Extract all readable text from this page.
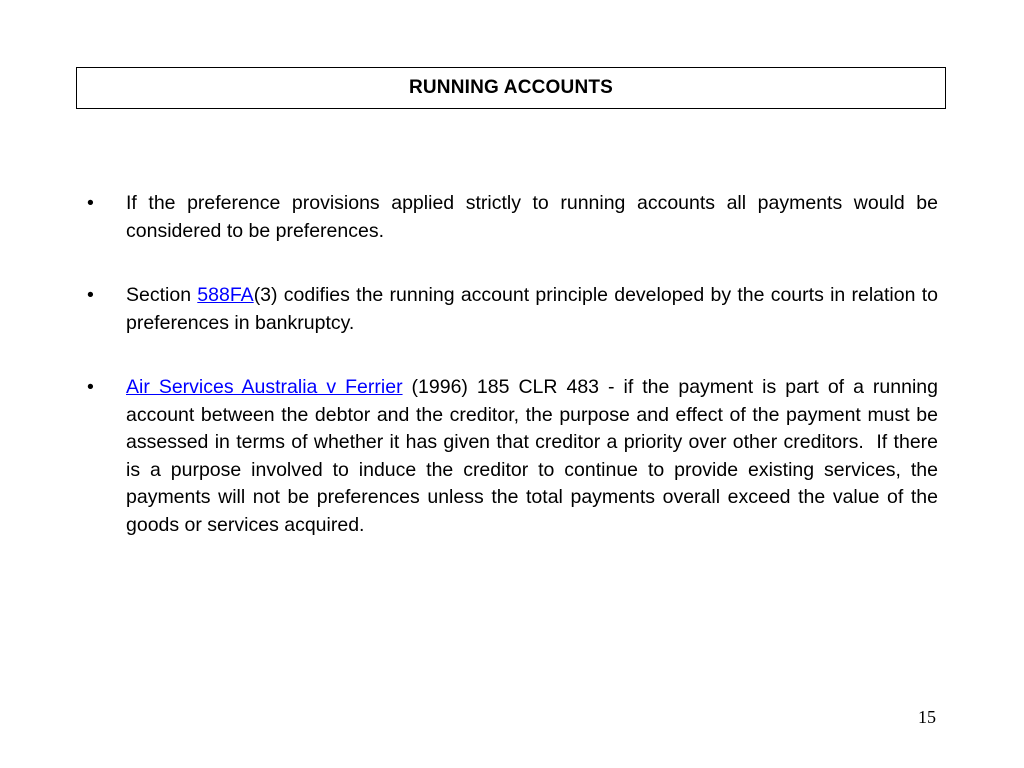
RUNNING ACCOUNTS
• If the preference provisions applied strictly to running accounts all payments would be considered to be preferences.
• Section 588FA(3) codifies the running account principle developed by the courts in relation to preferences in bankruptcy.
• Air Services Australia v Ferrier (1996) 185 CLR 483 - if the payment is part of a running account between the debtor and the creditor, the purpose and effect of the payment must be assessed in terms of whether it has given that creditor a priority over other creditors.  If there is a purpose involved to induce the creditor to continue to provide existing services, the payments will not be preferences unless the total payments overall exceed the value of the goods or services acquired.
15
